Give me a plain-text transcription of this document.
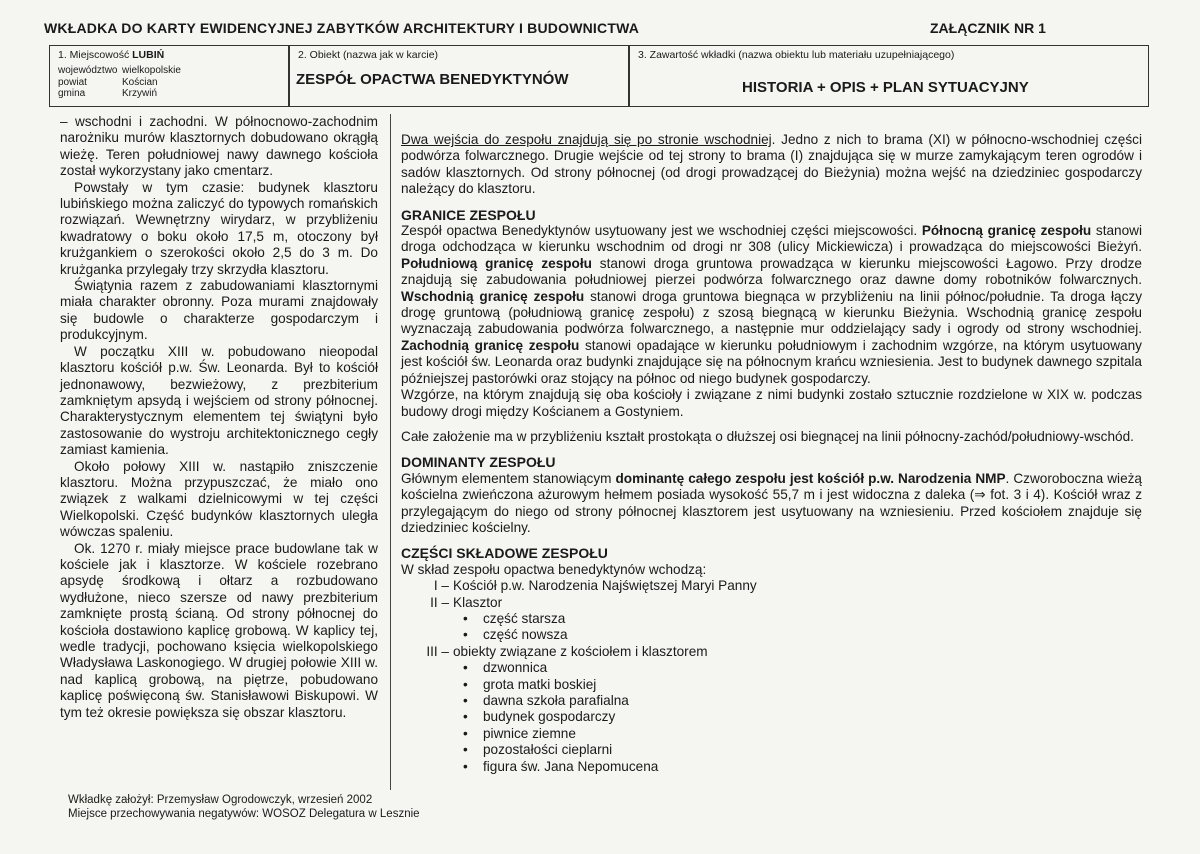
WKŁADKA DO KARTY EWIDENCYJNEJ ZABYTKÓW ARCHITEKTURY I BUDOWNICTWA	ZAŁĄCZNIK NR 1
1. Miejscowość LUBIŃ
województwo wielkopolskie
powiat	Kościan
gmina	Krzywiń
2. Obiekt (nazwa jak w karcie)
ZESPÓŁ OPACTWA BENEDYKTYNÓW
3. Zawartość wkładki (nazwa obiektu lub materiału uzupełniającego)
HISTORIA + OPIS + PLAN SYTUACYJNY

– wschodni i zachodni. W północnowo-zachodnim narożniku murów klasztornych dobudowano okrągłą wieżę. Teren południowej nawy dawnego kościoła został wykorzystany jako cmentarz.

Powstały w tym czasie: budynek klasztoru lubińskiego można zaliczyć do typowych romańskich rozwiązań. Wewnętrzny wirydarz, w przybliżeniu kwadratowy o boku około 17,5 m, otoczony był krużgankiem o szerokości około 2,5 do 3 m. Do krużganka przylegały trzy skrzydła klasztoru.

Świątynia razem z zabudowaniami klasztornymi miała charakter obronny. Poza murami znajdowały się budowle o charakterze gospodarczym i produkcyjnym.

W początku XIII w. pobudowano nieopodal klasztoru kościół p.w. Św. Leonarda. Był to kościół jednonawowy, bezwieżowy, z prezbiterium zamkniętym apsydą i wejściem od strony północnej. Charakterystycznym elementem tej świątyni było zastosowanie do wystroju architektonicznego cegły zamiast kamienia.

Około połowy XIII w. nastąpiło zniszczenie klasztoru. Można przypuszczać, że miało ono związek z walkami dzielnicowymi w tej części Wielkopolski. Część budynków klasztornych uległa wówczas spaleniu.

Ok. 1270 r. miały miejsce prace budowlane tak w kościele jak i klasztorze. W kościele rozebrano apsydę środkową i ołtarz a rozbudowano wydłużone, nieco szersze od nawy prezbiterium zamknięte prostą ścianą. Od strony północnej do kościoła dostawiono kaplicę grobową. W kaplicy tej, wedle tradycji, pochowano księcia wielkopolskiego Władysława Laskonogiego. W drugiej połowie XIII w. nad kaplicą grobową, na piętrze, pobudowano kaplicę poświęconą św. Stanisławowi Biskupowi. W tym też okresie powiększa się obszar klasztoru.

Dwa wejścia do zespołu znajdują się po stronie wschodniej. Jedno z nich to brama (XI) w północno-wschodniej części podwórza folwarcznego. Drugie wejście od tej strony to brama (I) znajdująca się w murze zamykającym teren ogrodów i sadów klasztornych. Od strony północnej (od drogi prowadzącej do Bieżynia) można wejść na dziedziniec gospodarczy należący do klasztoru.

GRANICE ZESPOŁU

Zespół opactwa Benedyktynów usytuowany jest we wschodniej części miejscowości. Północną granicę zespołu stanowi droga odchodząca w kierunku wschodnim od drogi nr 308 (ulicy Mickiewicza) i prowadząca do miejscowości Bieżyń. Południową granicę zespołu stanowi droga gruntowa prowadząca w kierunku miejscowości Łagowo. Przy drodze znajdują się zabudowania południowej pierzei podwórza folwarcznego oraz dawne domy robotników folwarcznych. Wschodnią granicę zespołu stanowi droga gruntowa biegnąca w przybliżeniu na linii północ/południe. Ta droga łączy drogę gruntową (południową granicę zespołu) z szosą biegnącą w kierunku Bieżynia. Wschodnią granicę zespołu wyznaczają zabudowania podwórza folwarcznego, a następnie mur oddzielający sady i ogrody od strony wschodniej. Zachodnią granicę zespołu stanowi opadające w kierunku południowym i zachodnim wzgórze, na którym usytuowany jest kościół św. Leonarda oraz budynki znajdujące się na północnym krańcu wzniesienia. Jest to budynek dawnego szpitala późniejszej pastorówki oraz stojący na północ od niego budynek gospodarczy.

Wzgórze, na którym znajdują się oba kościoły i związane z nimi budynki zostało sztucznie rozdzielone w XIX w. podczas budowy drogi między Kościanem a Gostyniem.

Całe założenie ma w przybliżeniu kształt prostokąta o dłuższej osi biegnącej na linii północny-zachód/południowy-wschód.

DOMINANTY ZESPOŁU

Głównym elementem stanowiącym dominantę całego zespołu jest kościół p.w. Narodzenia NMP. Czworoboczna wieżą kościelna zwieńczona ażurowym hełmem posiada wysokość 55,7 m i jest widoczna z daleka (⇒ fot. 3 i 4). Kościół wraz z przylegającym do niego od strony północnej klasztorem jest usytuowany na wzniesieniu. Przed kościołem znajduje się dziedziniec kościelny.

CZĘŚCI SKŁADOWE ZESPOŁU

W skład zespołu opactwa benedyktynów wchodzą:

I – Kościół p.w. Narodzenia Najświętszej Maryi Panny
II – Klasztor
•	część starsza
•	część nowsza
III – obiekty związane z kościołem i klasztorem
•	dzwonnica
•	grota matki boskiej
•	dawna szkoła parafialna
•	budynek gospodarczy
•	piwnice ziemne
•	pozostałości cieplarni
•	figura św. Jana Nepomucena
Wkładkę założył: Przemysław Ogrodowczyk, wrzesień 2002
Miejsce przechowywania negatywów: WOSOZ Delegatura w Lesznie
